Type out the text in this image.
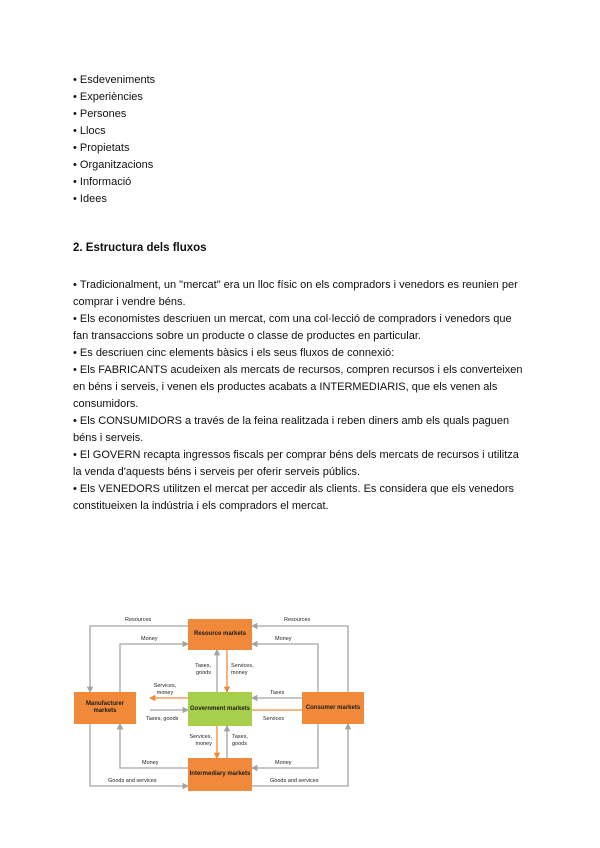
• Esdeveniments
• Experiències
• Persones
• Llocs
• Propietats
• Organitzacions
• Informació
• Idees
2. Estructura dels fluxos

• Tradicionalment, un "mercat" era un lloc físic on els compradors i venedors es reunien per comprar i vendre béns.

• Els economistes descriuen un mercat, com una col·lecció de compradors i venedors que fan transaccions sobre un producte o classe de productes en particular.

• Es descriuen cinc elements bàsics i els seus fluxos de connexió:

• Els FABRICANTS acudeixen als mercats de recursos, compren recursos i els converteixen en béns i serveis, i venen els productes acabats a INTERMEDIARIS, que els venen als consumidors.

• Els CONSUMIDORS a través de la feina realitzada i reben diners amb els quals paguen béns i serveis.

• El GOVERN recapta ingressos fiscals per comprar béns dels mercats de recursos i utilitza la venda d'aquests béns i serveis per oferir serveis públics.

• Els VENEDORS utilitzen el mercat per accedir als clients. Es considera que els venedors constitueixen la indústria i els compradors el mercat.

Resource markets
Manufacturer markets	Government markets	Consumer markets
Intermediary markets
Resources	Resources
Money	Money
Taxes, goods
Services, money
Services, money	Taxes
Taxes, goods	Services
Services, money
Taxes, goods
Money	Money
Goods and services	Goods and services
